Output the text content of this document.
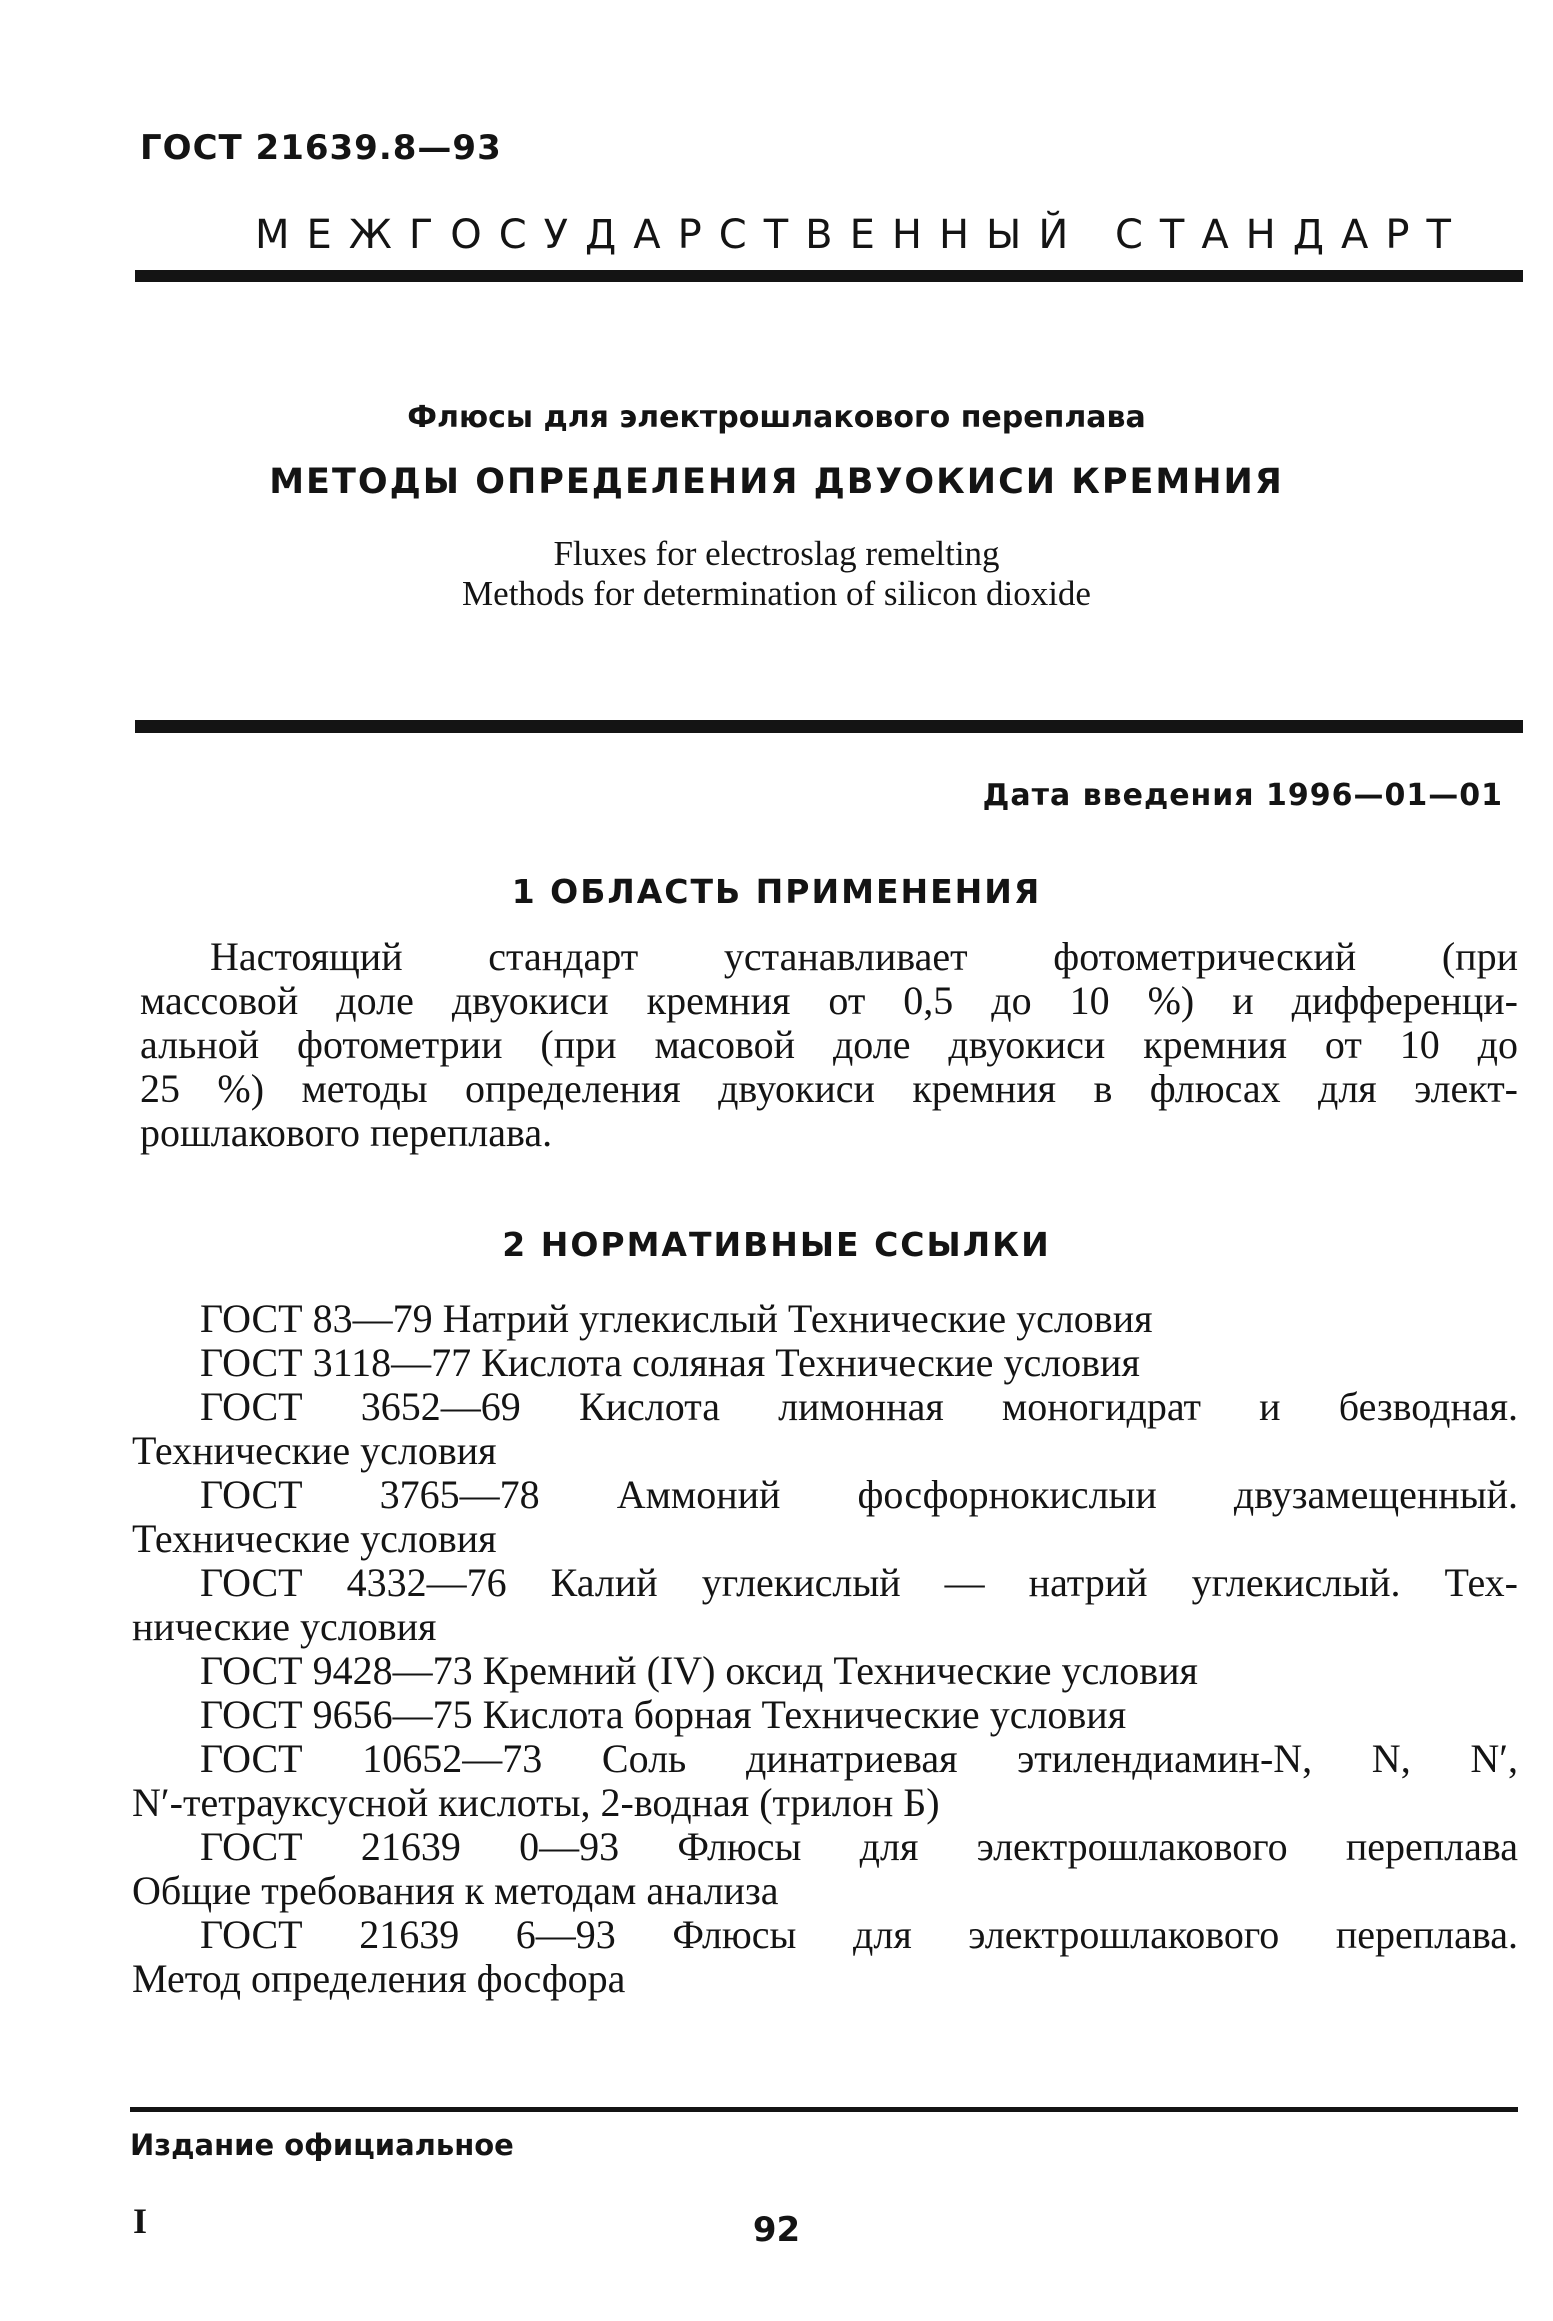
ГОСТ 21639.8—93
МЕЖГОСУДАРСТВЕННЫЙ СТАНДАРТ
Флюсы для электрошлакового переплава
МЕТОДЫ ОПРЕДЕЛЕНИЯ ДВУОКИСИ КРЕМНИЯ
Fluxes for electroslag remelting
Methods for determination of silicon dioxide
Дата введения 1996—01—01
1 ОБЛАСТЬ ПРИМЕНЕНИЯ
Настоящий стандарт устанавливает фотометрический (при
массовой доле двуокиси кремния от 0,5 до 10 %) и дифференци-
альной фотометрии (при масовой доле двуокиси кремния от 10 до
25 %) методы определения двуокиси кремния в флюсах для элект-
рошлакового переплава.
2 НОРМАТИВНЫЕ ССЫЛКИ
ГОСТ 83—79 Натрий углекислый Технические условия
ГОСТ 3118—77 Кислота соляная Технические условия
ГОСТ 3652—69 Кислота лимонная моногидрат и безводная.
Технические условия
ГОСТ 3765—78 Аммоний фосфорнокислыи двузамещенный.
Технические условия
ГОСТ 4332—76 Калий углекислый — натрий углекислый. Тех-
нические условия
ГОСТ 9428—73 Кремний (IV) оксид Технические условия
ГОСТ 9656—75 Кислота борная Технические условия
ГОСТ 10652—73 Соль динатриевая этилендиамин-N, N, N′,
N′-тетрауксусной кислоты, 2-водная (трилон Б)
ГОСТ 21639 0—93 Флюсы для электрошлакового переплава
Общие требования к методам анализа
ГОСТ 21639 6—93 Флюсы для электрошлакового переплава.
Метод определения фосфора
Издание официальное
I	92
